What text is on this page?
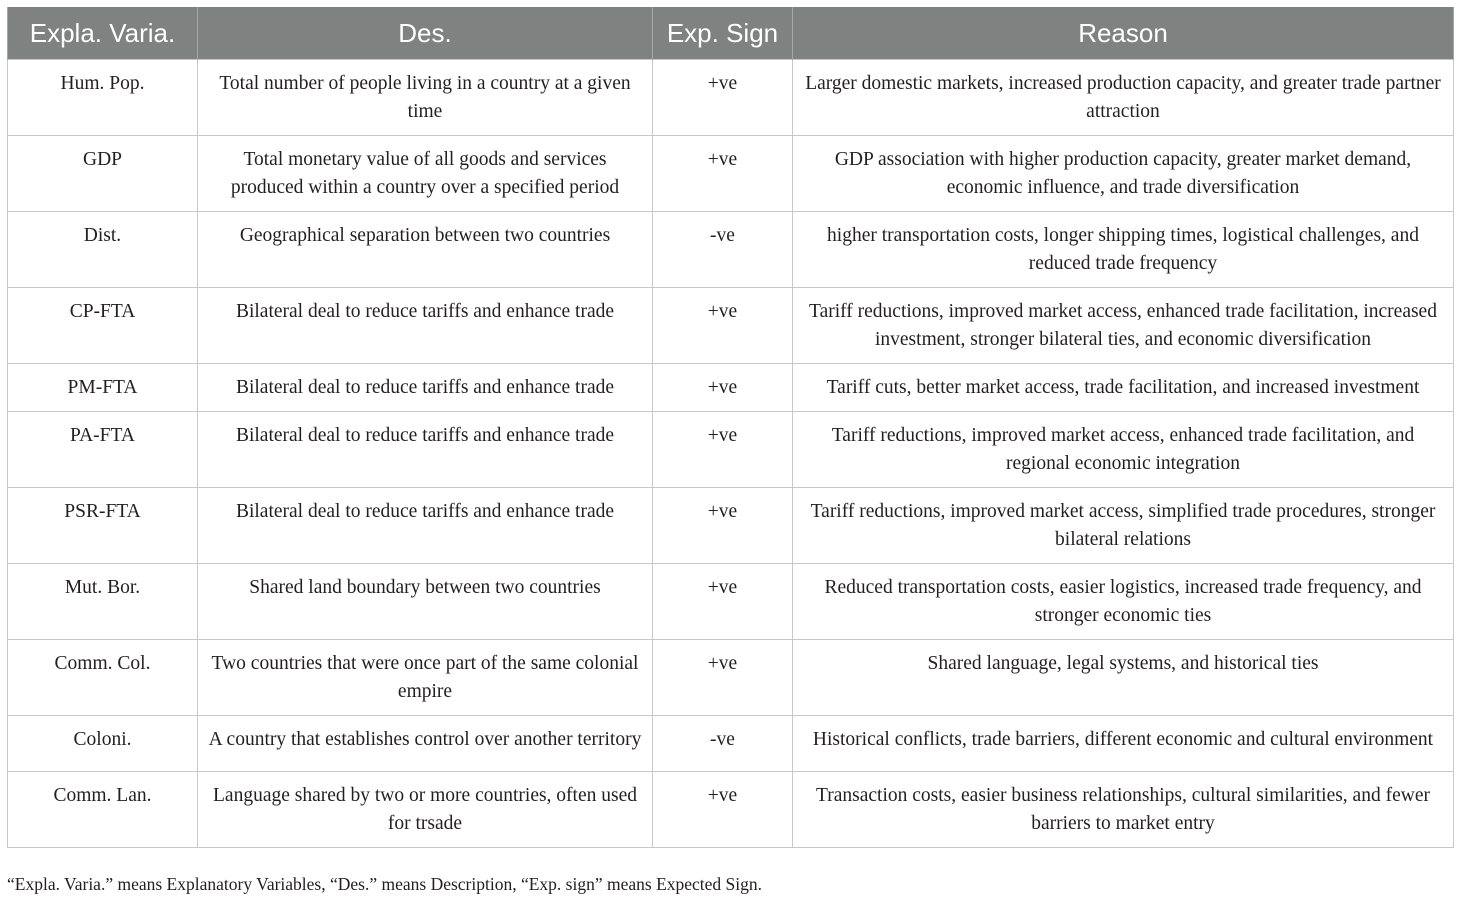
Expla. Varia.	Des.	Exp. Sign	Reason
Hum. Pop.	Total number of people living in a country at a given time	+ve	Larger domestic markets, increased production capacity, and greater trade partner attraction
GDP	Total monetary value of all goods and services produced within a country over a specified period	+ve	GDP association with higher production capacity, greater market demand, economic influence, and trade diversification
Dist.	Geographical separation between two countries	-ve	higher transportation costs, longer shipping times, logistical challenges, and reduced trade frequency
CP-FTA	Bilateral deal to reduce tariffs and enhance trade	+ve	Tariff reductions, improved market access, enhanced trade facilitation, increased investment, stronger bilateral ties, and economic diversification
PM-FTA	Bilateral deal to reduce tariffs and enhance trade	+ve	Tariff cuts, better market access, trade facilitation, and increased investment
PA-FTA	Bilateral deal to reduce tariffs and enhance trade	+ve	Tariff reductions, improved market access, enhanced trade facilitation, and regional economic integration
PSR-FTA	Bilateral deal to reduce tariffs and enhance trade	+ve	Tariff reductions, improved market access, simplified trade procedures, stronger bilateral relations
Mut. Bor.	Shared land boundary between two countries	+ve	Reduced transportation costs, easier logistics, increased trade frequency, and stronger economic ties
Comm. Col.	Two countries that were once part of the same colonial empire	+ve	Shared language, legal systems, and historical ties
Coloni.	A country that establishes control over another territory	-ve	Historical conflicts, trade barriers, different economic and cultural environment
Comm. Lan.	Language shared by two or more countries, often used for trsade	+ve	Transaction costs, easier business relationships, cultural similarities, and fewer barriers to market entry
“Expla. Varia.” means Explanatory Variables, “Des.” means Description, “Exp. sign” means Expected Sign.
